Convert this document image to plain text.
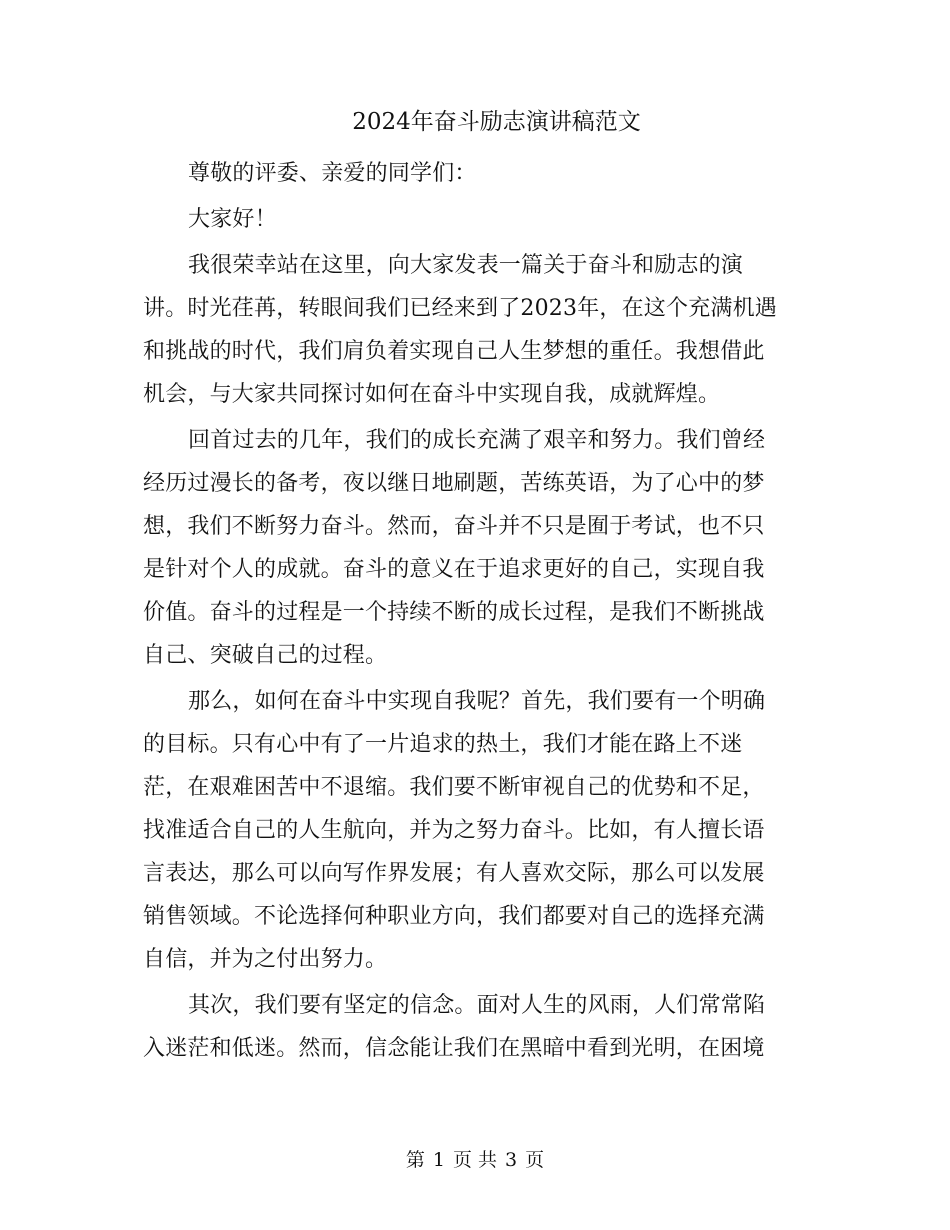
2024年奋斗励志演讲稿范文

尊敬的评委、亲爱的同学们：

大家好！

我很荣幸站在这里，向大家发表一篇关于奋斗和励志的演
讲。时光荏苒，转眼间我们已经来到了2023年，在这个充满机遇
和挑战的时代，我们肩负着实现自己人生梦想的重任。我想借此
机会，与大家共同探讨如何在奋斗中实现自我，成就辉煌。

回首过去的几年，我们的成长充满了艰辛和努力。我们曾经
经历过漫长的备考，夜以继日地刷题，苦练英语，为了心中的梦
想，我们不断努力奋斗。然而，奋斗并不只是囿于考试，也不只
是针对个人的成就。奋斗的意义在于追求更好的自己，实现自我
价值。奋斗的过程是一个持续不断的成长过程，是我们不断挑战
自己、突破自己的过程。

那么，如何在奋斗中实现自我呢？首先，我们要有一个明确
的目标。只有心中有了一片追求的热土，我们才能在路上不迷
茫，在艰难困苦中不退缩。我们要不断审视自己的优势和不足，
找准适合自己的人生航向，并为之努力奋斗。比如，有人擅长语
言表达，那么可以向写作界发展；有人喜欢交际，那么可以发展
销售领域。不论选择何种职业方向，我们都要对自己的选择充满
自信，并为之付出努力。

其次，我们要有坚定的信念。面对人生的风雨，人们常常陷
入迷茫和低迷。然而，信念能让我们在黑暗中看到光明，在困境

第 1 页 共 3 页
